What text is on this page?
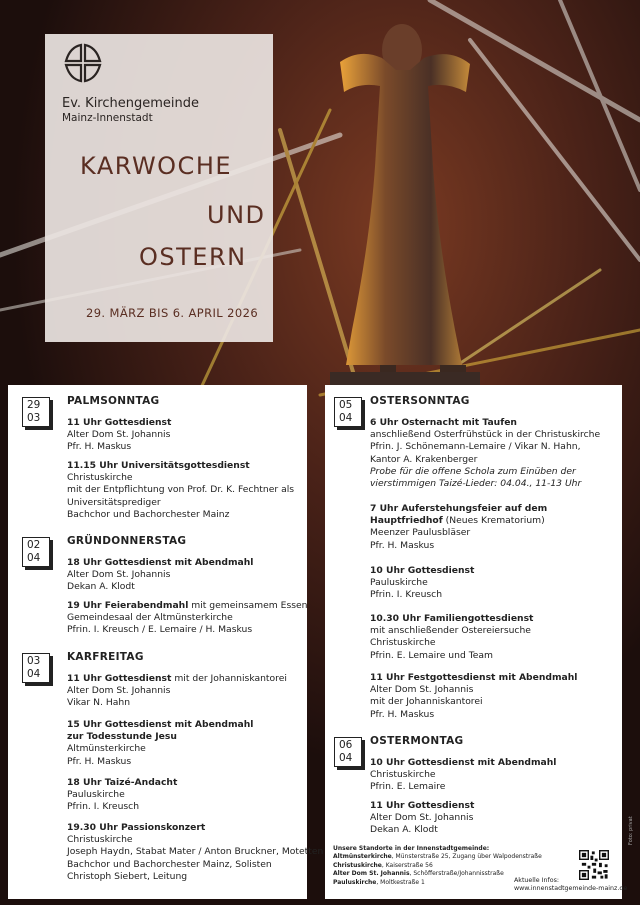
Ev. Kirchengemeinde
Mainz-Innenstadt
KARWOCHE
UND
OSTERN
29. MÄRZ BIS 6. APRIL 2026
29
03
PALMSONNTAG
11 Uhr Gottesdienst
Alter Dom St. Johannis
Pfr. H. Maskus
11.15 Uhr Universitätsgottesdienst
Christuskirche
mit der Entpflichtung von Prof. Dr. K. Fechtner als
Universitätsprediger
Bachchor und Bachorchester Mainz
02
04
GRÜNDONNERSTAG
18 Uhr Gottesdienst mit Abendmahl
Alter Dom St. Johannis
Dekan A. Klodt
19 Uhr Feierabendmahl mit gemeinsamem Essen
Gemeindesaal der Altmünsterkirche
Pfrin. I. Kreusch / E. Lemaire / H. Maskus
03
04
KARFREITAG
11 Uhr Gottesdienst mit der Johanniskantorei
Alter Dom St. Johannis
Vikar N. Hahn
15 Uhr Gottesdienst mit Abendmahl
zur Todesstunde Jesu
Altmünsterkirche
Pfr. H. Maskus
18 Uhr Taizé-Andacht
Pauluskirche
Pfrin. I. Kreusch
19.30 Uhr Passionskonzert
Christuskirche
Joseph Haydn, Stabat Mater / Anton Bruckner, Motetten
Bachchor und Bachorchester Mainz, Solisten
Christoph Siebert, Leitung
05
04
OSTERSONNTAG
6 Uhr Osternacht mit Taufen
anschließend Osterfrühstück in der Christuskirche
Pfrin. J. Schönemann-Lemaire / Vikar N. Hahn,
Kantor A. Krakenberger
Probe für die offene Schola zum Einüben der
vierstimmigen Taizé-Lieder: 04.04., 11-13 Uhr
7 Uhr Auferstehungsfeier auf dem
Hauptfriedhof (Neues Krematorium)
Meenzer Paulusbläser
Pfr. H. Maskus
10 Uhr Gottesdienst
Pauluskirche
Pfrin. I. Kreusch
10.30 Uhr Familiengottesdienst
mit anschließender Ostereiersuche
Christuskirche
Pfrin. E. Lemaire und Team
11 Uhr Festgottesdienst mit Abendmahl
Alter Dom St. Johannis
mit der Johanniskantorei
Pfr. H. Maskus
06
04
OSTERMONTAG
10 Uhr Gottesdienst mit Abendmahl
Christuskirche
Pfrin. E. Lemaire
11 Uhr Gottesdienst
Alter Dom St. Johannis
Dekan A. Klodt
Unsere Standorte in der Innenstadtgemeinde:
Altmünsterkirche, Münsterstraße 25, Zugang über Walpodenstraße
Christuskirche, Kaiserstraße 56
Alter Dom St. Johannis, Schöfferstraße/Johannisstraße
Pauluskirche, Moltkestraße 1	Aktuelle Infos:
www.innenstadtgemeinde-mainz.de
Foto: privat
